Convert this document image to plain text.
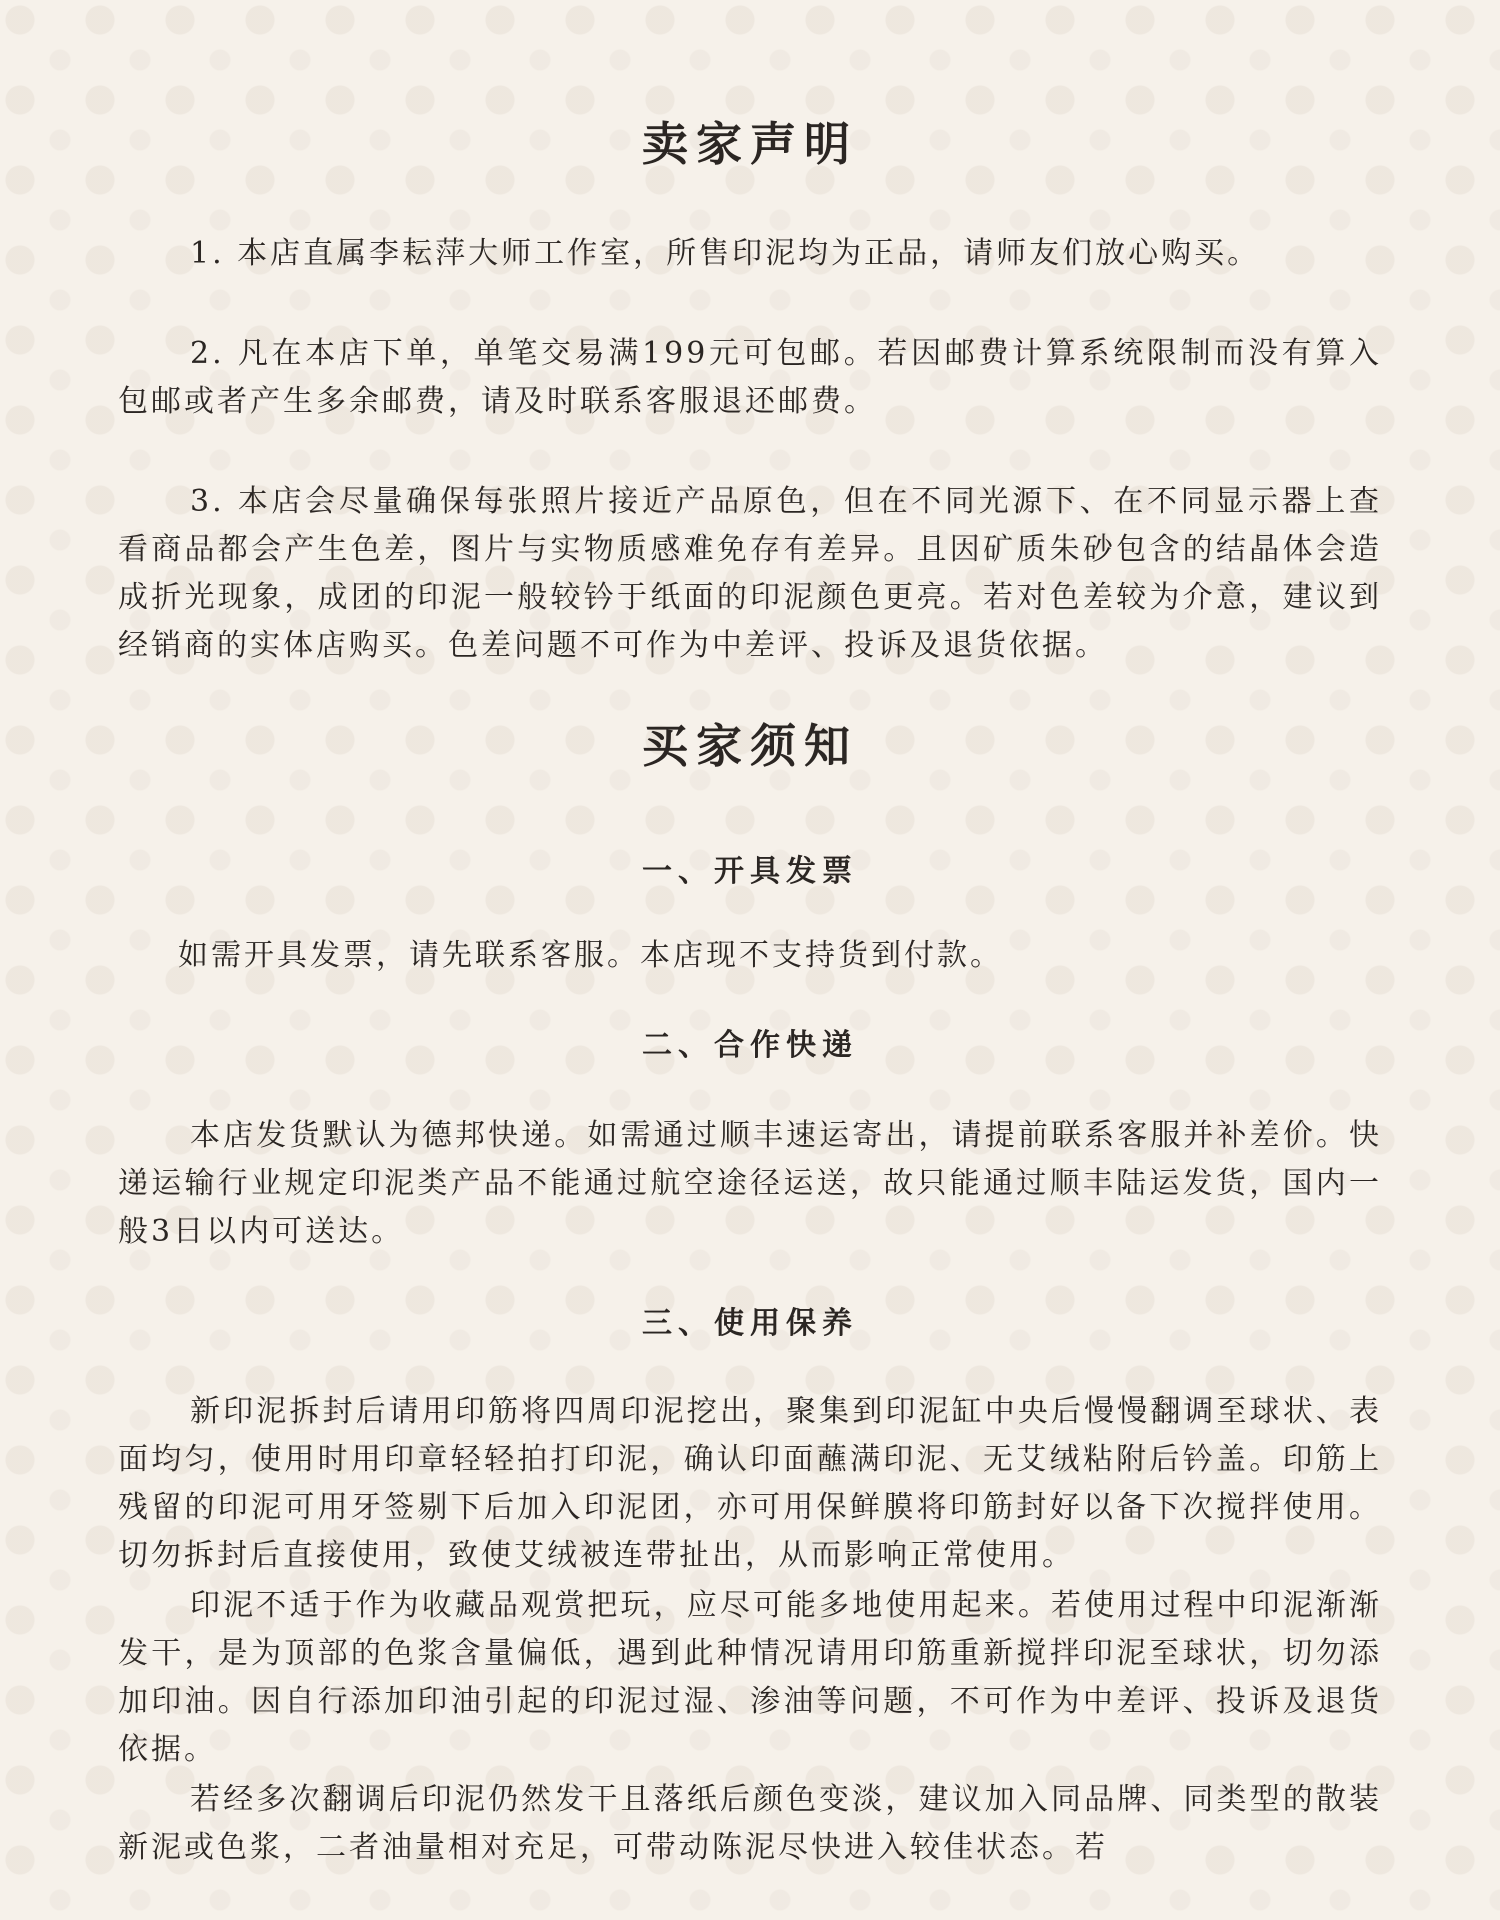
卖家声明

1. 本店直属李耘萍大师工作室，所售印泥均为正品，请师友们放心购买。

2. 凡在本店下单，单笔交易满199元可包邮。若因邮费计算系统限制而没有算入包邮或者产生多余邮费，请及时联系客服退还邮费。

3. 本店会尽量确保每张照片接近产品原色，但在不同光源下、在不同显示器上查看商品都会产生色差，图片与实物质感难免存有差异。且因矿质朱砂包含的结晶体会造成折光现象，成团的印泥一般较钤于纸面的印泥颜色更亮。若对色差较为介意，建议到经销商的实体店购买。色差问题不可作为中差评、投诉及退货依据。

买家须知
一、开具发票

如需开具发票，请先联系客服。本店现不支持货到付款。

二、合作快递

本店发货默认为德邦快递。如需通过顺丰速运寄出，请提前联系客服并补差价。快递运输行业规定印泥类产品不能通过航空途径运送，故只能通过顺丰陆运发货，国内一般3日以内可送达。

三、使用保养

新印泥拆封后请用印筋将四周印泥挖出，聚集到印泥缸中央后慢慢翻调至球状、表面均匀，使用时用印章轻轻拍打印泥，确认印面蘸满印泥、无艾绒粘附后钤盖。印筋上残留的印泥可用牙签剔下后加入印泥团，亦可用保鲜膜将印筋封好以备下次搅拌使用。切勿拆封后直接使用，致使艾绒被连带扯出，从而影响正常使用。

印泥不适于作为收藏品观赏把玩，应尽可能多地使用起来。若使用过程中印泥渐渐发干，是为顶部的色浆含量偏低，遇到此种情况请用印筋重新搅拌印泥至球状，切勿添加印油。因自行添加印油引起的印泥过湿、渗油等问题，不可作为中差评、投诉及退货依据。

若经多次翻调后印泥仍然发干且落纸后颜色变淡，建议加入同品牌、同类型的散装新泥或色浆，二者油量相对充足，可带动陈泥尽快进入较佳状态。若
